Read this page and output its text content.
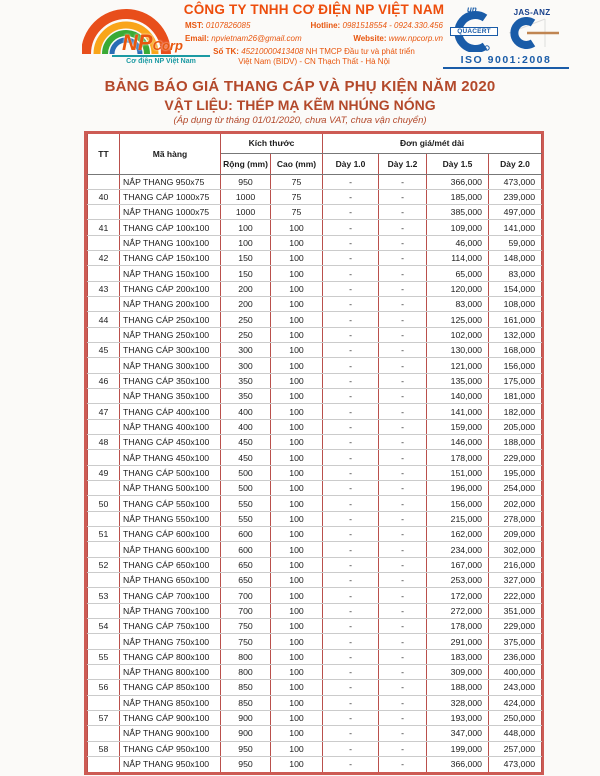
NPCorp
Cơ điện NP Việt Nam
CÔNG TY TNHH CƠ ĐIỆN NP VIỆT NAM
MST: 0107826085	Hotline: 0981518554 - 0924.330.456
Email: npvietnam26@gmail.com	Website: www.npcorp.vn
Số TK: 45210000413408 NH TMCP Đầu tư và phát triển
Việt Nam (BIDV) - CN Thạch Thất - Hà Nội
un
QUACERT
JAS-ANZ
ISO 9001:2008
BẢNG BÁO GIÁ THANG CÁP VÀ PHỤ KIỆN NĂM 2020
VẬT LIỆU: THÉP MẠ KẼM NHÚNG NÓNG
(Áp dụng từ tháng 01/01/2020, chưa VAT, chưa vận chuyển)
TT	Mã hàng	Kích thước		Đơn giá/mét dài			
		Rộng (mm)	Cao (mm)	Dày 1.0	Dày 1.2	Dày 1.5	Dày 2.0
	NẮP THANG 950x75	950	75	-	-	366,000	473,000
40	THANG CÁP 1000x75	1000	75	-	-	185,000	239,000
	NẮP THANG 1000x75	1000	75	-	-	385,000	497,000
41	THANG CÁP 100x100	100	100	-	-	109,000	141,000
	NẮP THANG 100x100	100	100	-	-	46,000	59,000
42	THANG CÁP 150x100	150	100	-	-	114,000	148,000
	NẮP THANG 150x100	150	100	-	-	65,000	83,000
43	THANG CÁP 200x100	200	100	-	-	120,000	154,000
	NẮP THANG 200x100	200	100	-	-	83,000	108,000
44	THANG CÁP 250x100	250	100	-	-	125,000	161,000
	NẮP THANG 250x100	250	100	-	-	102,000	132,000
45	THANG CÁP 300x100	300	100	-	-	130,000	168,000
	NẮP THANG 300x100	300	100	-	-	121,000	156,000
46	THANG CÁP 350x100	350	100	-	-	135,000	175,000
	NẮP THANG 350x100	350	100	-	-	140,000	181,000
47	THANG CÁP 400x100	400	100	-	-	141,000	182,000
	NẮP THANG 400x100	400	100	-	-	159,000	205,000
48	THANG CÁP 450x100	450	100	-	-	146,000	188,000
	NẮP THANG 450x100	450	100	-	-	178,000	229,000
49	THANG CÁP 500x100	500	100	-	-	151,000	195,000
	NẮP THANG 500x100	500	100	-	-	196,000	254,000
50	THANG CÁP 550x100	550	100	-	-	156,000	202,000
	NẮP THANG 550x100	550	100	-	-	215,000	278,000
51	THANG CÁP 600x100	600	100	-	-	162,000	209,000
	NẮP THANG 600x100	600	100	-	-	234,000	302,000
52	THANG CÁP 650x100	650	100	-	-	167,000	216,000
	NẮP THANG 650x100	650	100	-	-	253,000	327,000
53	THANG CÁP 700x100	700	100	-	-	172,000	222,000
	NẮP THANG 700x100	700	100	-	-	272,000	351,000
54	THANG CÁP 750x100	750	100	-	-	178,000	229,000
	NẮP THANG 750x100	750	100	-	-	291,000	375,000
55	THANG CÁP 800x100	800	100	-	-	183,000	236,000
	NẮP THANG 800x100	800	100	-	-	309,000	400,000
56	THANG CÁP 850x100	850	100	-	-	188,000	243,000
	NẮP THANG 850x100	850	100	-	-	328,000	424,000
57	THANG CÁP 900x100	900	100	-	-	193,000	250,000
	NẮP THANG 900x100	900	100	-	-	347,000	448,000
58	THANG CÁP 950x100	950	100	-	-	199,000	257,000
	NẮP THANG 950x100	950	100	-	-	366,000	473,000
